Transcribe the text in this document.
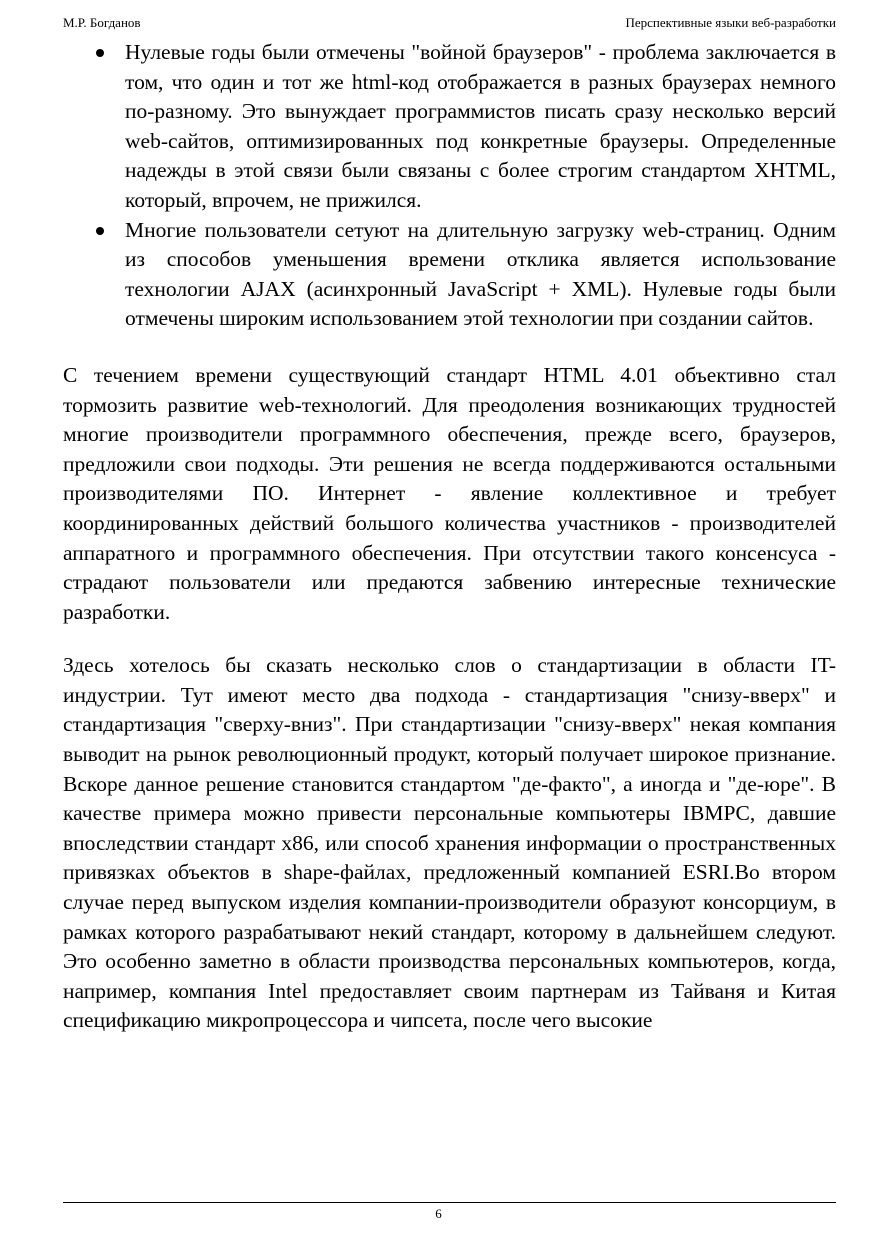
М.Р. Богданов	Перспективные языки веб-разработки
Нулевые годы были отмечены "войной браузеров" - проблема заключается в том, что один и тот же html-код отображается в разных браузерах немного по-разному. Это вынуждает программистов писать сразу несколько версий web-сайтов, оптимизированных под конкретные браузеры. Определенные надежды в этой связи были связаны с более строгим стандартом XHTML, который, впрочем, не прижился.
Многие пользователи сетуют на длительную загрузку web-страниц. Одним из способов уменьшения времени отклика является использование технологии AJAX (асинхронный JavaScript + XML). Нулевые годы были отмечены широким использованием этой технологии при создании сайтов.

С течением времени существующий стандарт HTML 4.01 объективно стал тормозить развитие web-технологий. Для преодоления возникающих трудностей многие производители программного обеспечения, прежде всего, браузеров, предложили свои подходы. Эти решения не всегда поддерживаются остальными производителями ПО. Интернет - явление коллективное и требует координированных действий большого количества участников - производителей аппаратного и программного обеспечения. При отсутствии такого консенсуса - страдают пользователи или предаются забвению интересные технические разработки.

Здесь хотелось бы сказать несколько слов о стандартизации в области IT-индустрии. Тут имеют место два подхода - стандартизация "снизу-вверх" и стандартизация "сверху-вниз". При стандартизации "снизу-вверх" некая компания выводит на рынок революционный продукт, который получает широкое признание. Вскоре данное решение становится стандартом "де-факто", а иногда и "де-юре". В качестве примера можно привести персональные компьютеры IBMPC, давшие впоследствии стандарт x86, или способ хранения информации о пространственных привязках объектов в shape-файлах, предложенный компанией ESRI.Во втором случае перед выпуском изделия компании-производители образуют консорциум, в рамках которого разрабатывают некий стандарт, которому в дальнейшем следуют. Это особенно заметно в области производства персональных компьютеров, когда, например, компания Intel предоставляет своим партнерам из Тайваня и Китая спецификацию микропроцессора и чипсета, после чего высокие

6
